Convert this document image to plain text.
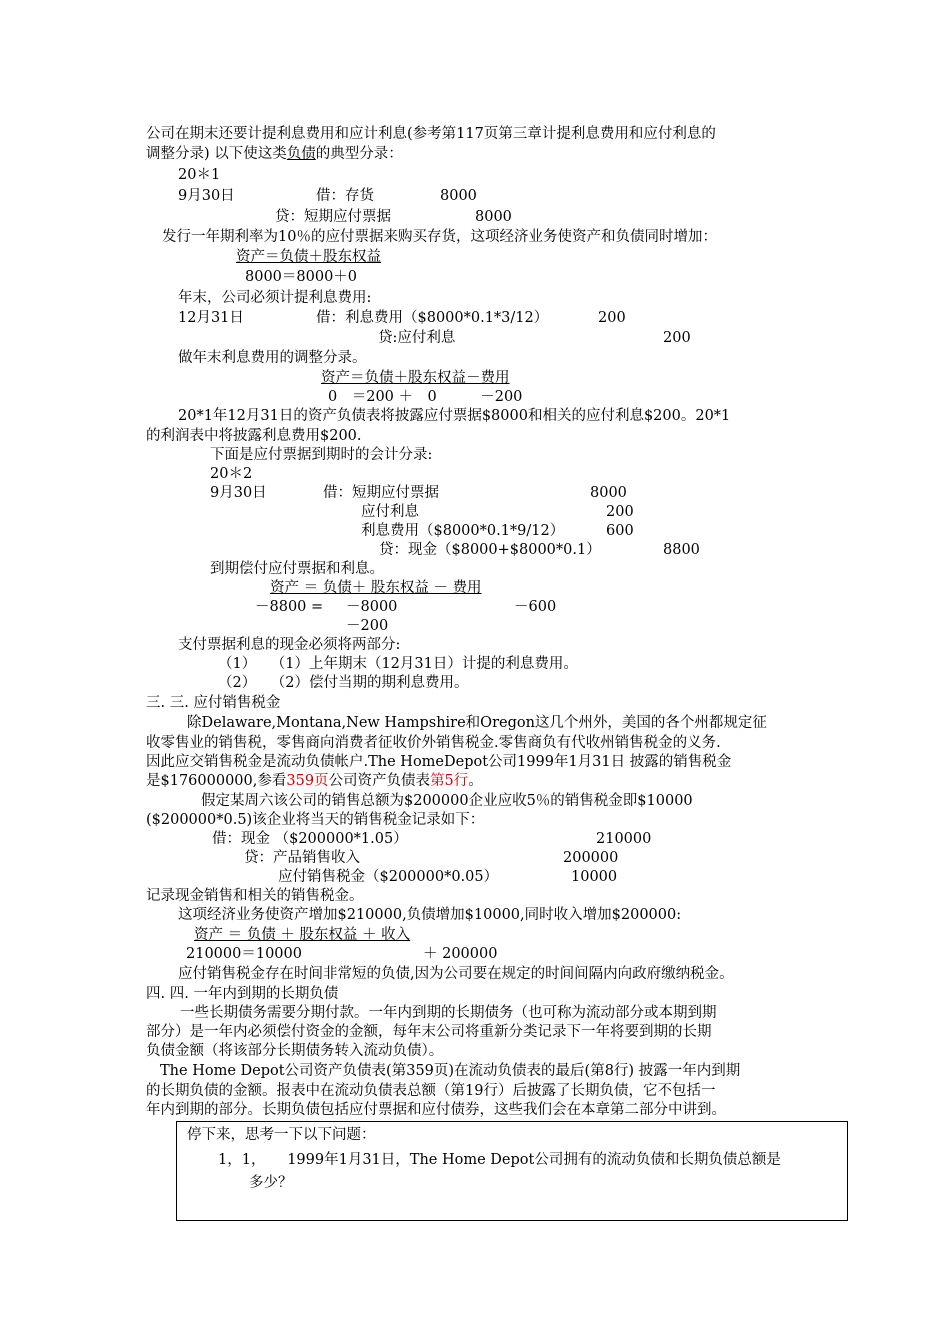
公司在期末还要计提利息费用和应计利息(参考第117页第三章计提利息费用和应付利息的
调整分录) 以下使这类负债的典型分录：
20＊1
9月30日	借：存货	8000
贷：短期应付票据	8000
发行一年期利率为10％的应付票据来购买存货，这项经济业务使资产和负债同时增加：
资产＝负债＋股东权益
8000＝8000＋0
年末，公司必须计提利息费用:
12月31日	借：利息费用（$8000*0.1*3/12）	200
贷:应付利息	200
做年末利息费用的调整分录。
资产＝负债＋股东权益－费用
0　＝200 ＋　0　　　－200
20*1年12月31日的资产负债表将披露应付票据$8000和相关的应付利息$200。20*1
的利润表中将披露利息费用$200.
下面是应付票据到期时的会计分录:
20＊2
9月30日	借：短期应付票据	8000
应付利息	200
利息费用（$8000*0.1*9/12）	600
贷：现金（$8000+$8000*0.1）	8800
到期偿付应付票据和利息。
资产 ＝ 负债＋ 股东权益 － 费用
－8800 = －8000	－600
－200
支付票据利息的现金必须将两部分:
（1）　　（1）上年期末（12月31日）计提的利息费用。
（2）　　（2）偿付当期的期利息费用。
三. 三. 应付销售税金
除Delaware,Montana,New Hampshire和Oregon这几个州外，美国的各个州都规定征
收零售业的销售税，零售商向消费者征收价外销售税金.零售商负有代收州销售税金的义务.
因此应交销售税金是流动负债帐户.The HomeDepot公司1999年1月31日 披露的销售税金
是$176000000,参看359页公司资产负债表第5行。
假定某周六该公司的销售总额为$200000企业应收5％的销售税金即$10000
($200000*0.5)该企业将当天的销售税金记录如下：
借：现金 （$200000*1.05）	210000
贷：产品销售收入	200000
应付销售税金（$200000*0.05）	10000
记录现金销售和相关的销售税金。
这项经济业务使资产增加$210000,负债增加$10000,同时收入增加$200000:
资产 ＝ 负债 ＋ 股东权益 ＋ 收入
210000＝10000	＋ 200000
应付销售税金存在时间非常短的负债,因为公司要在规定的时间间隔内向政府缴纳税金。
四. 四. 一年内到期的长期负债
一些长期债务需要分期付款。一年内到期的长期债务（也可称为流动部分或本期到期
部分）是一年内必须偿付资金的金额，每年末公司将重新分类记录下一年将要到期的长期
负债金额（将该部分长期债务转入流动负债）。
The Home Depot公司资产负债表(第359页)在流动负债表的最后(第8行) 披露一年内到期
的长期负债的金额。报表中在流动负债表总额（第19行）后披露了长期负债，它不包括一
年内到期的部分。长期负债包括应付票据和应付债券，这些我们会在本章第二部分中讲到。
停下来，思考一下以下问题：
1，1，　　1999年1月31日，The Home Depot公司拥有的流动负债和长期负债总额是
多少？
